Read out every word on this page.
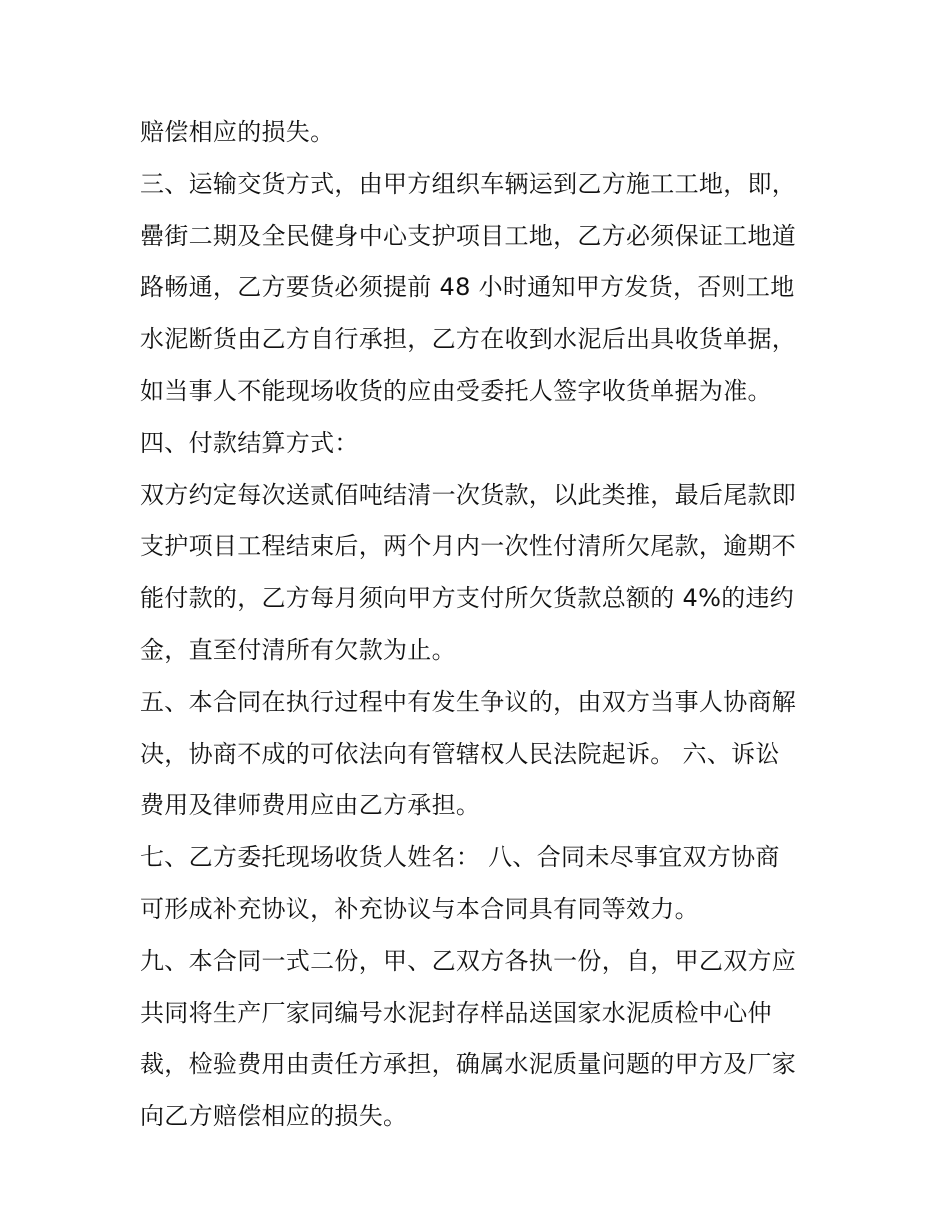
赔偿相应的损失。
三、运输交货方式，由甲方组织车辆运到乙方施工工地，即，
罍街二期及全民健身中心支护项目工地，乙方必须保证工地道
路畅通，乙方要货必须提前 48 小时通知甲方发货，否则工地
水泥断货由乙方自行承担，乙方在收到水泥后出具收货单据，
如当事人不能现场收货的应由受委托人签字收货单据为准。
四、付款结算方式：
双方约定每次送贰佰吨结清一次货款，以此类推，最后尾款即
支护项目工程结束后，两个月内一次性付清所欠尾款，逾期不
能付款的，乙方每月须向甲方支付所欠货款总额的 4%的违约
金，直至付清所有欠款为止。
五、本合同在执行过程中有发生争议的，由双方当事人协商解
决，协商不成的可依法向有管辖权人民法院起诉。 六、诉讼
费用及律师费用应由乙方承担。
七、乙方委托现场收货人姓名： 八、合同未尽事宜双方协商
可形成补充协议，补充协议与本合同具有同等效力。
九、本合同一式二份，甲、乙双方各执一份，自，甲乙双方应
共同将生产厂家同编号水泥封存样品送国家水泥质检中心仲
裁，检验费用由责任方承担，确属水泥质量问题的甲方及厂家
向乙方赔偿相应的损失。
